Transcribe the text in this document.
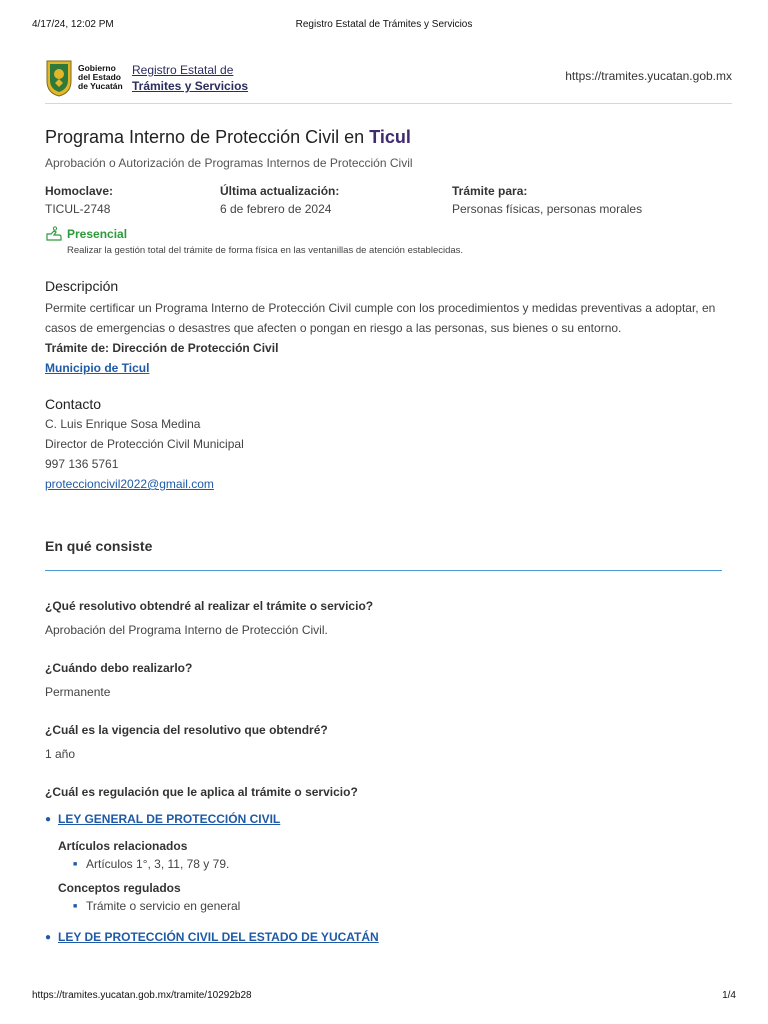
4/17/24, 12:02 PM	Registro Estatal de Trámites y Servicios
Gobierno
del Estado
de Yucatán
Registro Estatal de
Trámites y Servicios
https://tramites.yucatan.gob.mx
Programa Interno de Protección Civil en Ticul
Aprobación o Autorización de Programas Internos de Protección Civil
Homoclave:
TICUL-2748
Última actualización:
6 de febrero de 2024
Trámite para:
Personas físicas, personas morales
Presencial
Realizar la gestión total del trámite de forma física en las ventanillas de atención establecidas.
Descripción

Permite certificar un Programa Interno de Protección Civil cumple con los procedimientos y medidas preventivas a adoptar, en casos de emergencias o desastres que afecten o pongan en riesgo a las personas, sus bienes o su entorno.

Trámite de: Dirección de Protección Civil
Municipio de Ticul
Contacto
C. Luis Enrique Sosa Medina
Director de Protección Civil Municipal
997 136 5761
proteccioncivil2022@gmail.com
En qué consiste
¿Qué resolutivo obtendré al realizar el trámite o servicio?
Aprobación del Programa Interno de Protección Civil.
¿Cuándo debo realizarlo?
Permanente
¿Cuál es la vigencia del resolutivo que obtendré?
1 año
¿Cuál es regulación que le aplica al trámite o servicio?
● LEY GENERAL DE PROTECCIÓN CIVIL
Artículos relacionados
■ Artículos 1°, 3, 11, 78 y 79.
Conceptos regulados
■ Trámite o servicio en general
● LEY DE PROTECCIÓN CIVIL DEL ESTADO DE YUCATÁN
https://tramites.yucatan.gob.mx/tramite/10292b28	1/4
